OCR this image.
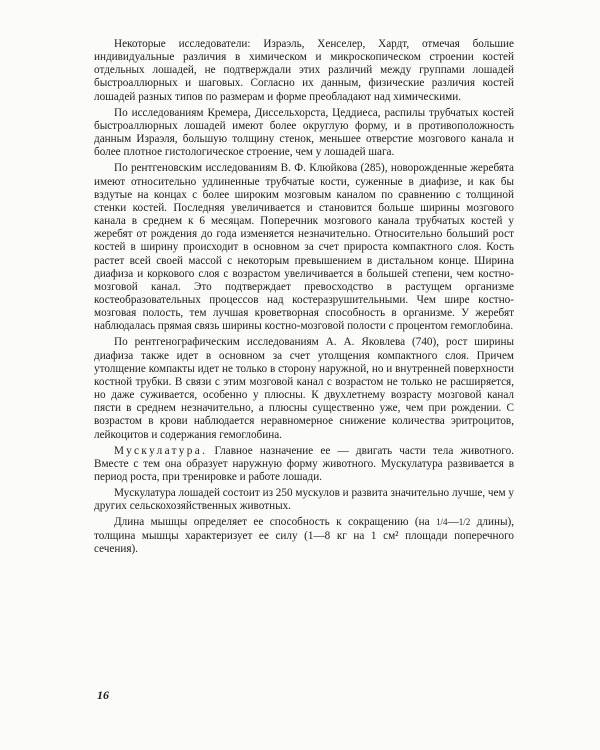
Некоторые исследователи: Израэль, Хенселер, Хардт, отмечая большие индивидуальные различия в химическом и микроскопическом строении костей отдельных лошадей, не подтверждали этих различий между группами лошадей быстроаллюрных и шаговых. Согласно их данным, физические различия костей лошадей разных типов по размерам и форме преобладают над химическими.

По исследованиям Кремера, Диссельхорста, Цеддиеса, распилы трубчатых костей быстроаллюрных лошадей имеют более округлую форму, и в противоположность данным Израэля, большую толщину стенок, меньшее отверстие мозгового канала и более плотное гистологическое строение, чем у лошадей шага.

По рентгеновским исследованиям В. Ф. Клюйкова (285), новорожденные жеребята имеют относительно удлиненные трубчатые кости, суженные в диафизе, и как бы вздутые на концах с более широким мозговым каналом по сравнению с толщиной стенки костей. Последняя увеличивается и становится больше ширины мозгового канала в среднем к 6 месяцам. Поперечник мозгового канала трубчатых костей у жеребят от рождения до года изменяется незначительно. Относительно больший рост костей в ширину происходит в основном за счет прироста компактного слоя. Кость растет всей своей массой с некоторым превышением в дистальном конце. Ширина диафиза и коркового слоя с возрастом увеличивается в большей степени, чем костно-мозговой канал. Это подтверждает превосходство в растущем организме костеобразовательных процессов над костеразрушительными. Чем шире костно-мозговая полость, тем лучшая кроветворная способность в организме. У жеребят наблюдалась прямая связь ширины костно-мозговой полости с процентом гемоглобина.

По рентгенографическим исследованиям А. А. Яковлева (740), рост ширины диафиза также идет в основном за счет утолщения компактного слоя. Причем утолщение компакты идет не только в сторону наружной, но и внутренней поверхности костной трубки. В связи с этим мозговой канал с возрастом не только не расширяется, но даже суживается, особенно у плюсны. К двухлетнему возрасту мозговой канал пясти в среднем незначительно, а плюсны существенно уже, чем при рождении. С возрастом в крови наблюдается неравномерное снижение количества эритроцитов, лейкоцитов и содержания гемоглобина.

Мускулатура. Главное назначение ее — двигать части тела животного. Вместе с тем она образует наружную форму животного. Мускулатура развивается в период роста, при тренировке и работе лошади.

Мускулатура лошадей состоит из 250 мускулов и развита значительно лучше, чем у других сельскохозяйственных животных.

Длина мышцы определяет ее способность к сокращению (на 1/4—1/2 длины), толщина мышцы характеризует ее силу (1—8 кг на 1 см² площади поперечного сечения).

16
